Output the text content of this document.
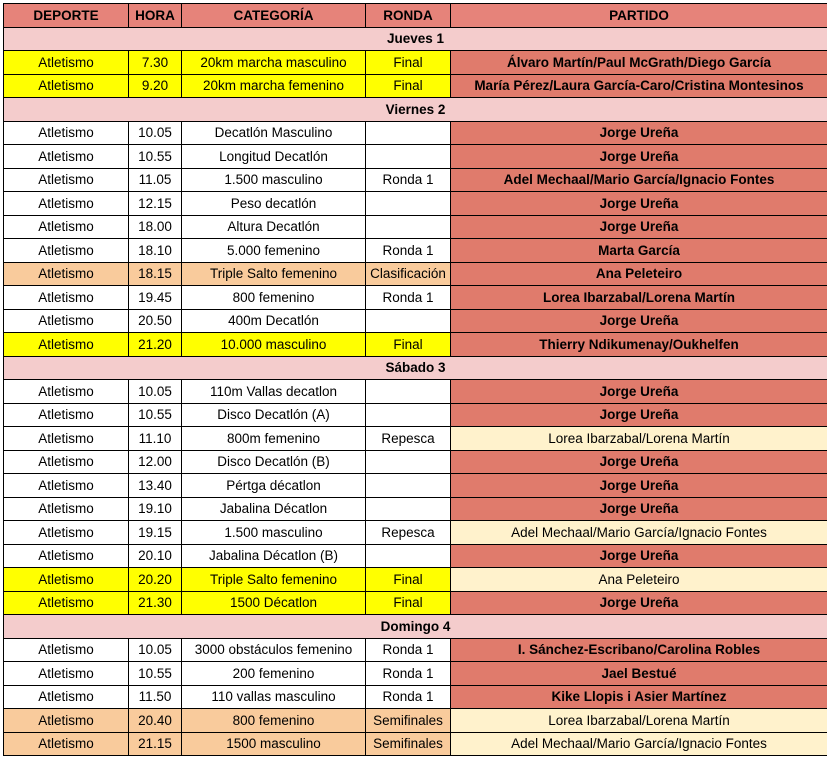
DEPORTE	HORA	CATEGORÍA	RONDA	PARTIDO
Jueves 1				
Atletismo	7.30	20km marcha masculino	Final	Álvaro Martín/Paul McGrath/Diego García
Atletismo	9.20	20km marcha femenino	Final	María Pérez/Laura García-Caro/Cristina Montesinos
Viernes 2				
Atletismo	10.05	Decatlón Masculino		Jorge Ureña
Atletismo	10.55	Longitud Decatlón		Jorge Ureña
Atletismo	11.05	1.500 masculino	Ronda 1	Adel Mechaal/Mario García/Ignacio Fontes
Atletismo	12.15	Peso decatlón		Jorge Ureña
Atletismo	18.00	Altura Decatlón		Jorge Ureña
Atletismo	18.10	5.000 femenino	Ronda 1	Marta García
Atletismo	18.15	Triple Salto femenino	Clasificación	Ana Peleteiro
Atletismo	19.45	800 femenino	Ronda 1	Lorea Ibarzabal/Lorena Martín
Atletismo	20.50	400m Decatlón		Jorge Ureña
Atletismo	21.20	10.000 masculino	Final	Thierry Ndikumenay/Oukhelfen
Sábado 3				
Atletismo	10.05	110m Vallas decatlon		Jorge Ureña
Atletismo	10.55	Disco Decatlón (A)		Jorge Ureña
Atletismo	11.10	800m femenino	Repesca	Lorea Ibarzabal/Lorena Martín
Atletismo	12.00	Disco Decatlón (B)		Jorge Ureña
Atletismo	13.40	Pértga décatlon		Jorge Ureña
Atletismo	19.10	Jabalina Décatlon		Jorge Ureña
Atletismo	19.15	1.500 masculino	Repesca	Adel Mechaal/Mario García/Ignacio Fontes
Atletismo	20.10	Jabalina Décatlon (B)		Jorge Ureña
Atletismo	20.20	Triple Salto femenino	Final	Ana Peleteiro
Atletismo	21.30	1500 Décatlon	Final	Jorge Ureña
Domingo 4				
Atletismo	10.05	3000 obstáculos femenino	Ronda 1	I. Sánchez-Escribano/Carolina Robles
Atletismo	10.55	200 femenino	Ronda 1	Jael Bestué
Atletismo	11.50	110 vallas masculino	Ronda 1	Kike Llopis i Asier Martínez
Atletismo	20.40	800 femenino	Semifinales	Lorea Ibarzabal/Lorena Martín
Atletismo	21.15	1500 masculino	Semifinales	Adel Mechaal/Mario García/Ignacio Fontes
